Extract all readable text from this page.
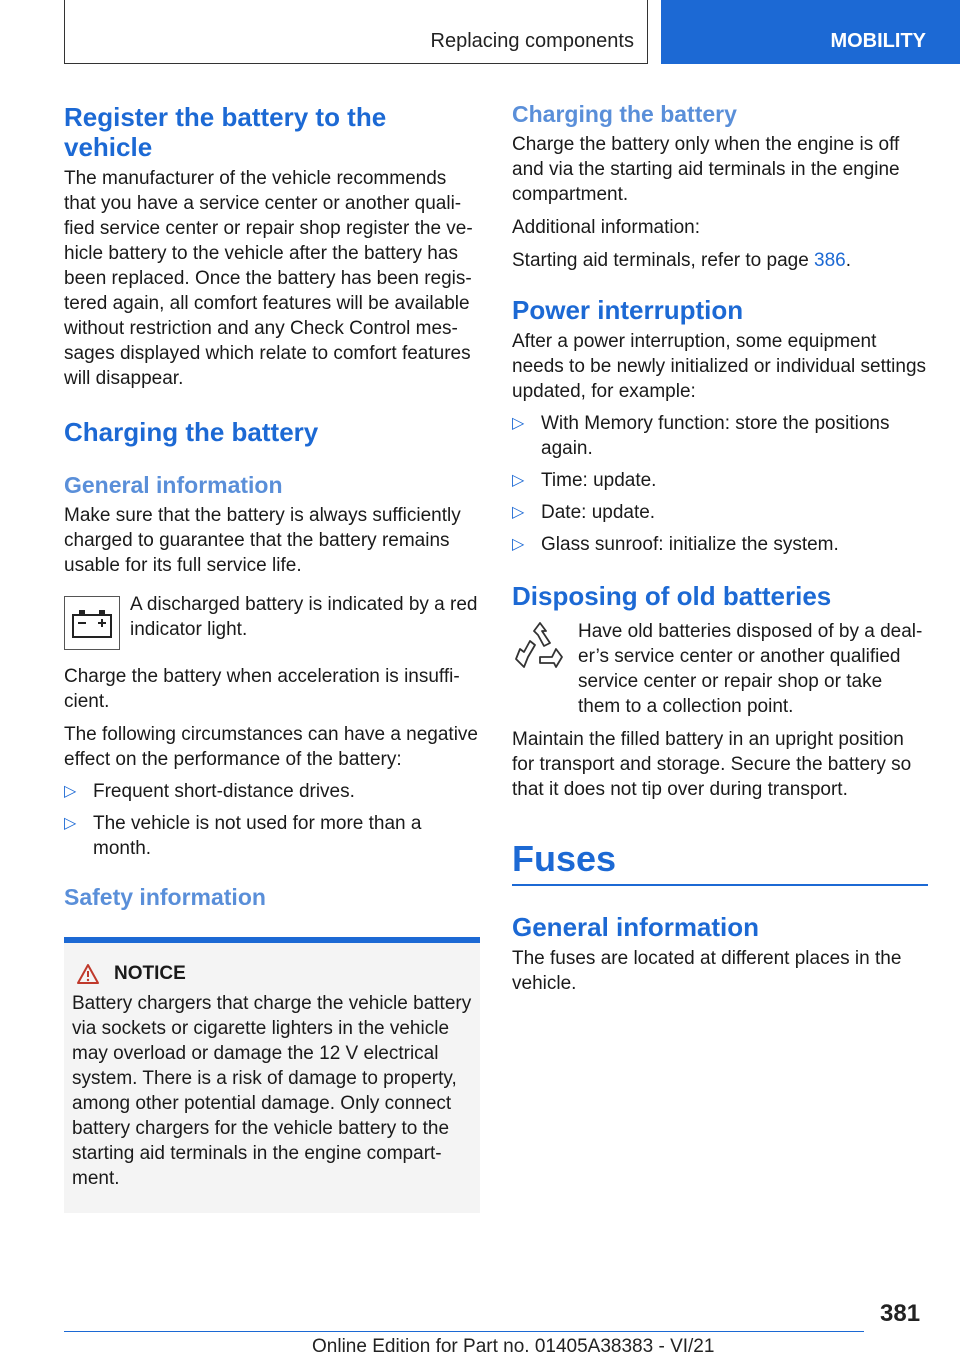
Replacing components	MOBILITY
Register the battery to the vehicle

The manufacturer of the vehicle recommends that you have a service center or another quali-fied service center or repair shop register the ve-hicle battery to the vehicle after the battery has been replaced. Once the battery has been regis-tered again, all comfort features will be available without restriction and any Check Control mes-sages displayed which relate to comfort features will disappear.

Charging the battery
General information

Make sure that the battery is always sufficiently charged to guarantee that the battery remains usable for its full service life.

A discharged battery is indicated by a red indicator light.

Charge the battery when acceleration is insuffi-cient.

The following circumstances can have a negative effect on the performance of the battery:

▷ Frequent short-distance drives.
▷ The vehicle is not used for more than a month.
Safety information
NOTICE

Battery chargers that charge the vehicle battery via sockets or cigarette lighters in the vehicle may overload or damage the 12 V electrical system. There is a risk of damage to property, among other potential damage. Only connect battery chargers for the vehicle battery to the starting aid terminals in the engine compart-ment.

Charging the battery

Charge the battery only when the engine is off and via the starting aid terminals in the engine compartment.

Additional information:

Starting aid terminals, refer to page 386.

Power interruption

After a power interruption, some equipment needs to be newly initialized or individual settings updated, for example:

▷ With Memory function: store the positions again.
▷ Time: update.
▷ Date: update.
▷ Glass sunroof: initialize the system.
Disposing of old batteries

Have old batteries disposed of by a deal-er’s service center or another qualified service center or repair shop or take them to a collection point.

Maintain the filled battery in an upright position for transport and storage. Secure the battery so that it does not tip over during transport.

Fuses
General information

The fuses are located at different places in the vehicle.

381
Online Edition for Part no. 01405A38383 - VI/21
